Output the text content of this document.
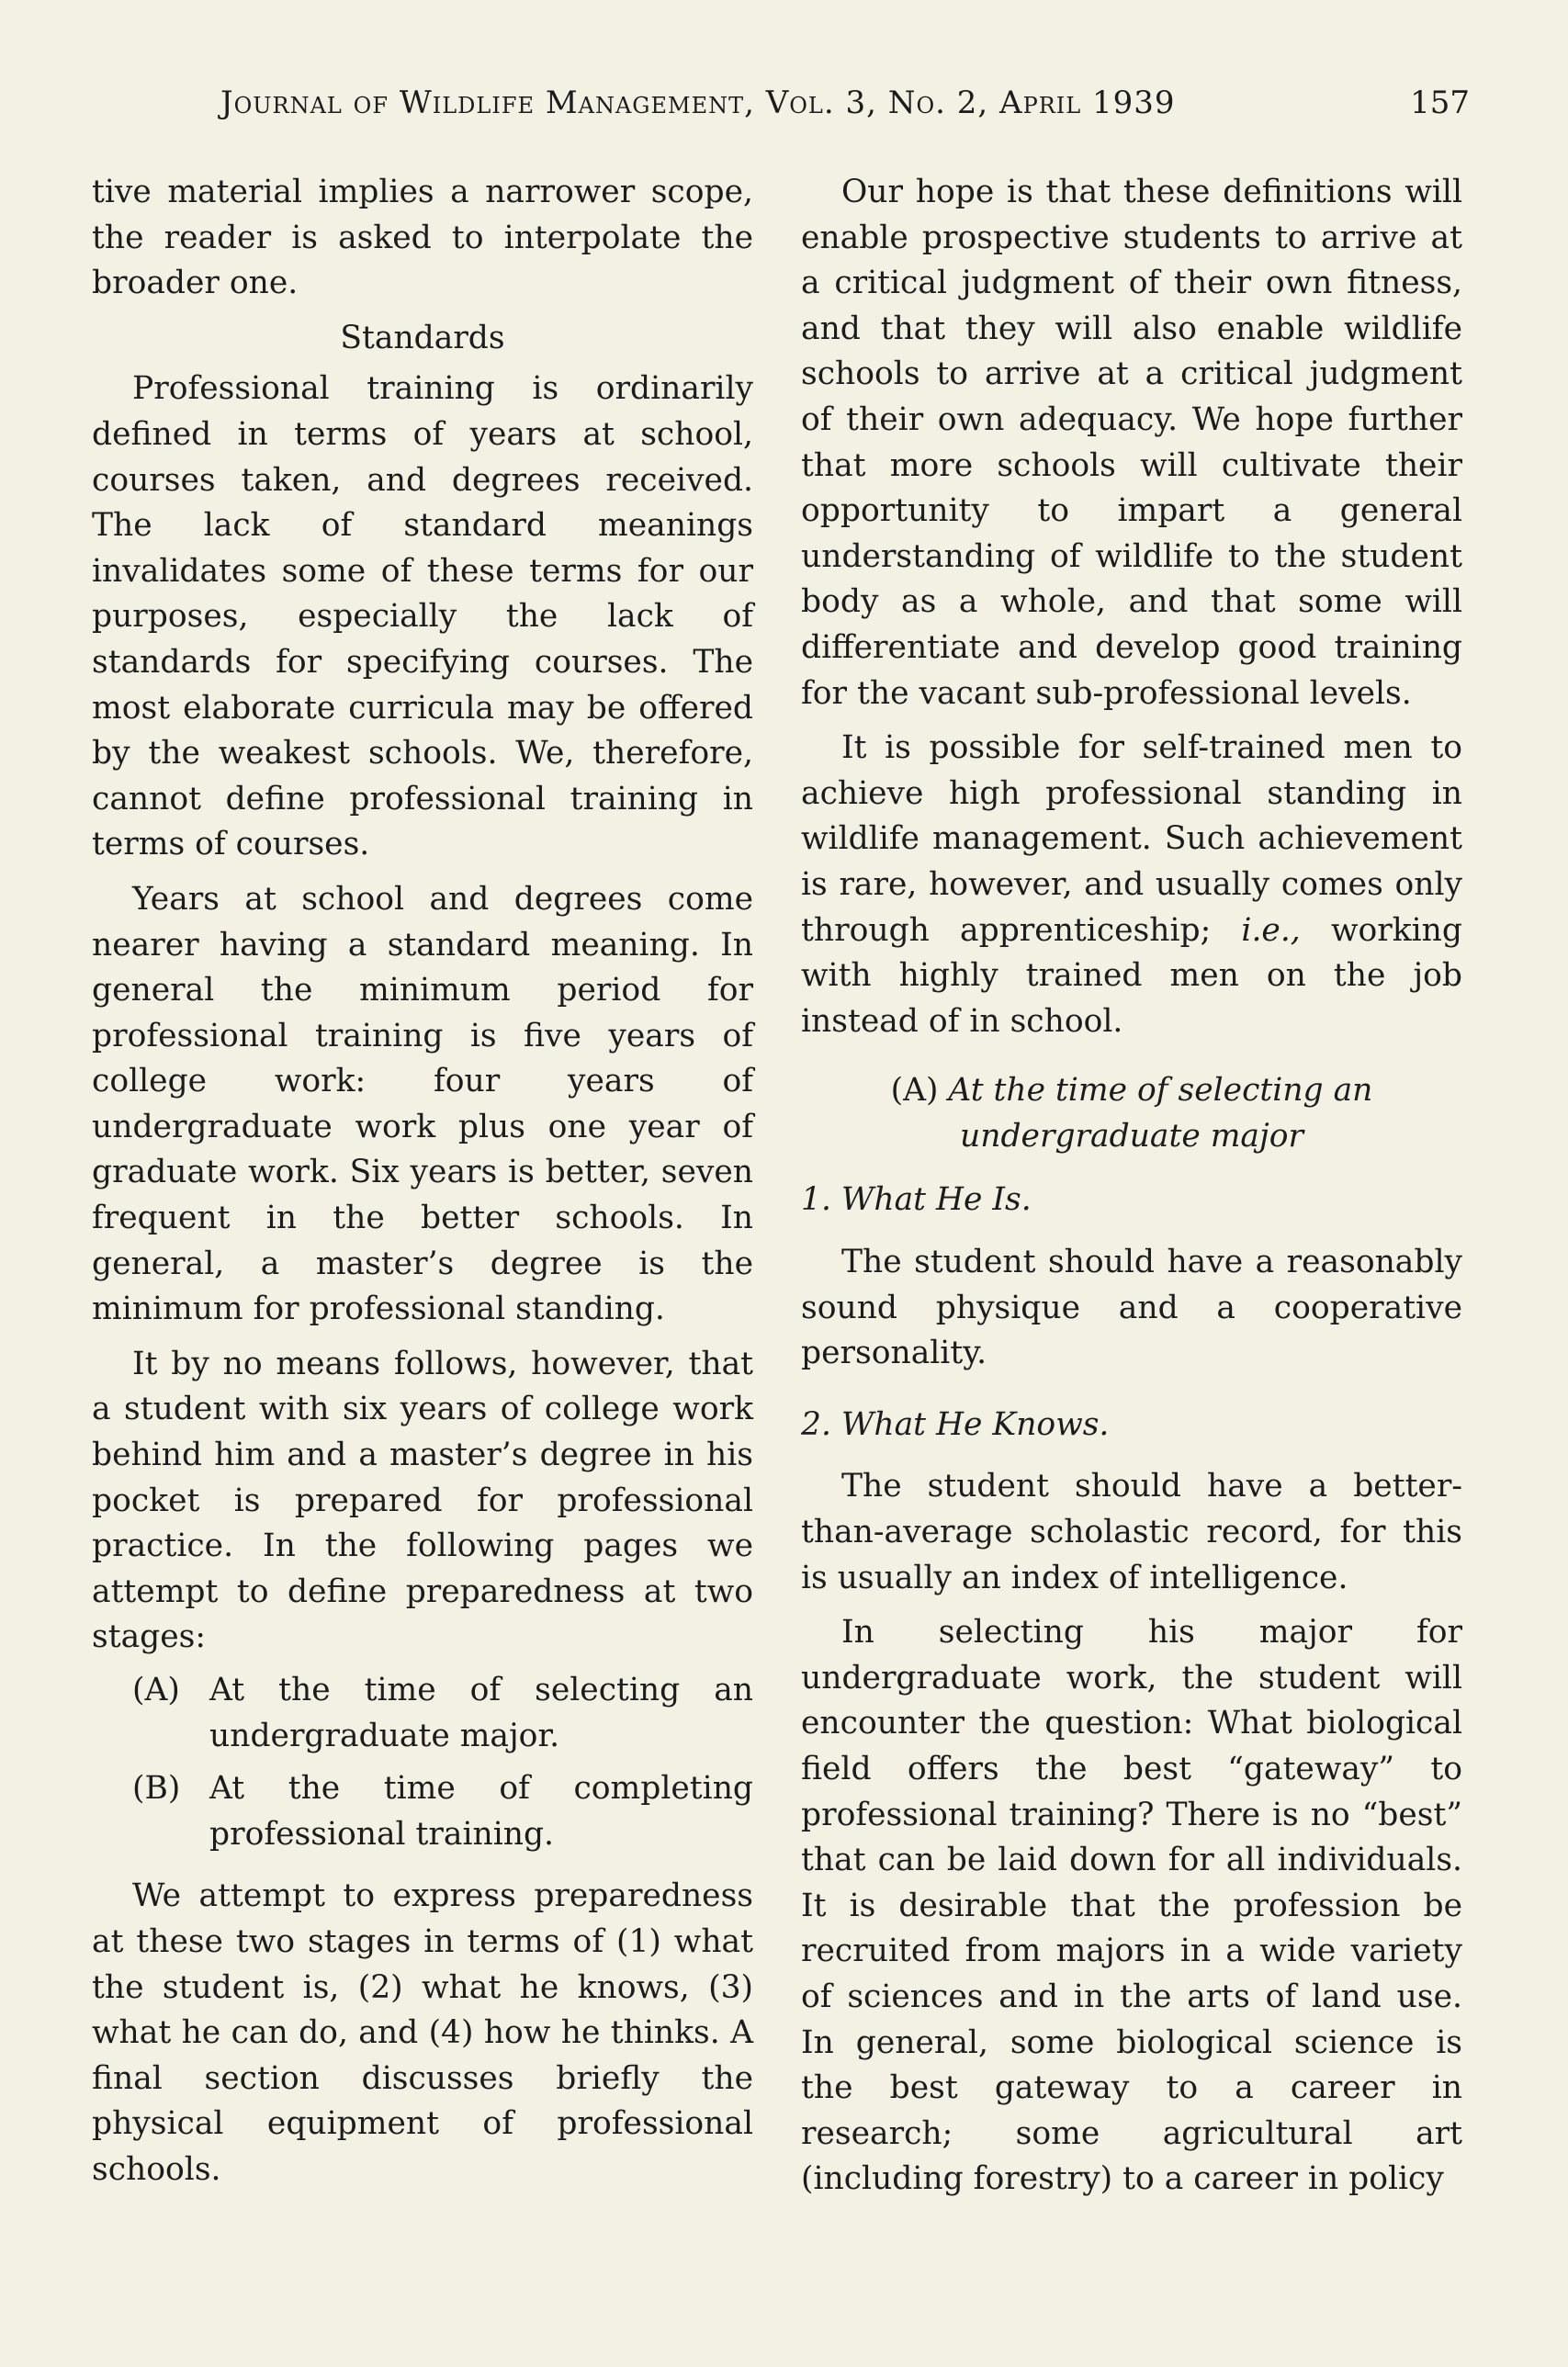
Journal of Wildlife Management, Vol. 3, No. 2, April 1939	157

tive material implies a narrower scope, the reader is asked to interpolate the broader one.

Standards

Professional training is ordinarily defined in terms of years at school, courses taken, and degrees received. The lack of standard meanings invalidates some of these terms for our purposes, especially the lack of standards for specifying courses. The most elaborate curricula may be offered by the weakest schools. We, therefore, cannot define professional training in terms of courses.

Years at school and degrees come nearer having a standard meaning. In general the minimum period for professional training is five years of college work: four years of undergraduate work plus one year of graduate work. Six years is better, seven frequent in the better schools. In general, a master’s degree is the minimum for professional standing.

It by no means follows, however, that a student with six years of college work behind him and a master’s degree in his pocket is prepared for professional practice. In the following pages we attempt to define preparedness at two stages:

(A) At the time of selecting an undergraduate major.
(B) At the time of completing professional training.

We attempt to express preparedness at these two stages in terms of (1) what the student is, (2) what he knows, (3) what he can do, and (4) how he thinks. A final section discusses briefly the physical equipment of professional schools.

Our hope is that these definitions will enable prospective students to arrive at a critical judgment of their own fitness, and that they will also enable wildlife schools to arrive at a critical judgment of their own adequacy. We hope further that more schools will cultivate their opportunity to impart a general understanding of wildlife to the student body as a whole, and that some will differentiate and develop good training for the vacant sub-professional levels.

It is possible for self-trained men to achieve high professional standing in wildlife management. Such achievement is rare, however, and usually comes only through apprenticeship; i.e., working with highly trained men on the job instead of in school.

(A) At the time of selecting an
undergraduate major

1. What He Is.

The student should have a reasonably sound physique and a cooperative personality.

2. What He Knows.

The student should have a better-than-average scholastic record, for this is usually an index of intelligence.

In selecting his major for undergraduate work, the student will encounter the question: What biological field offers the best “gateway” to professional training? There is no “best” that can be laid down for all individuals. It is desirable that the profession be recruited from majors in a wide variety of sciences and in the arts of land use. In general, some biological science is the best gateway to a career in research; some agricultural art (including forestry) to a career in policy
